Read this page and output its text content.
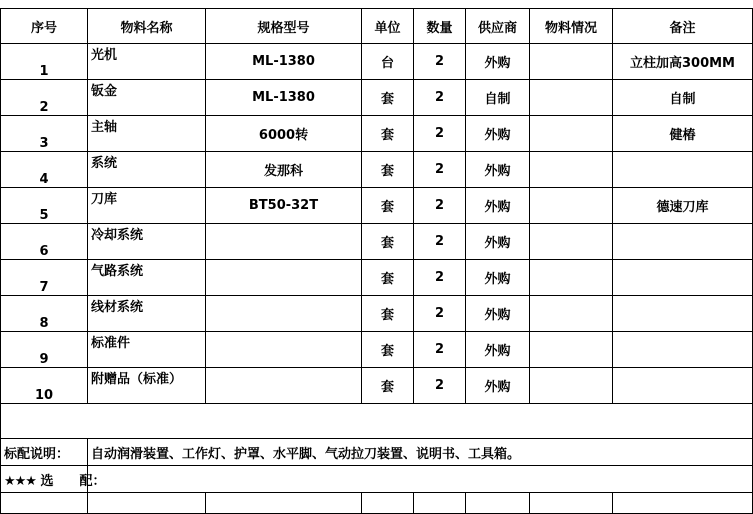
序号	物料名称	规格型号	单位	数量	供应商	物料情况	备注
1	光机	ML-1380	台	2	外购		立柱加高300MM
2	钣金	ML-1380	套	2	自制		自制
3	主轴	6000转	套	2	外购		健椿
4	系统	发那科	套	2	外购		
5	刀库	BT50-32T	套	2	外购		德速刀库
6	冷却系统		套	2	外购		
7	气路系统		套	2	外购		
8	线材系统		套	2	外购		
9	标准件		套	2	外购		
10	附赠品（标准）		套	2	外购		

标配说明：	自动润滑装置、工作灯、护罩、水平脚、气动拉刀装置、说明书、工具箱。						
★★★ 选　　配：							
